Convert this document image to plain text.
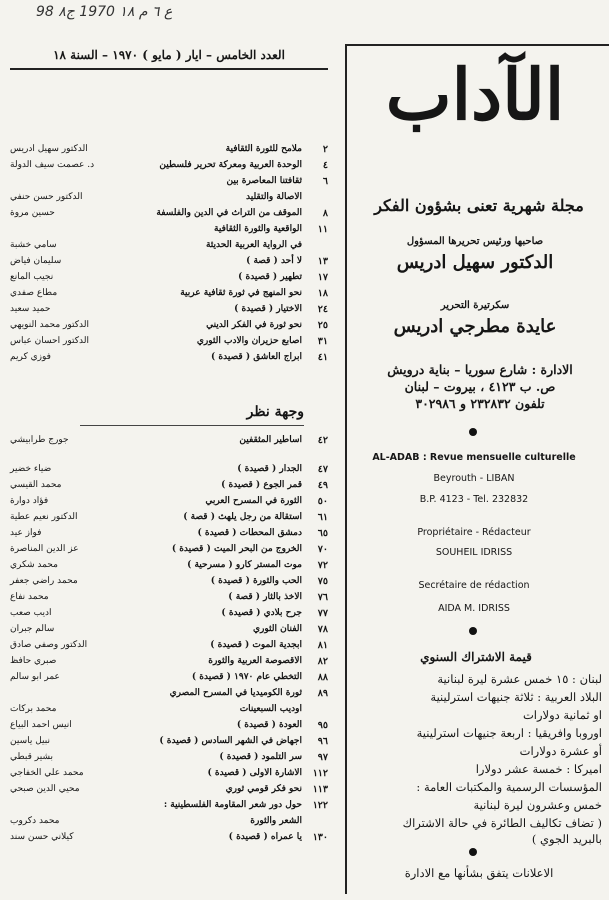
98 ع ٦ م ١٨ 1970 ج٨
العدد الخامس – ايار ( مايو ) ١٩٧٠ – السنة ١٨
٢
ملامح للثورة الثقافية
الدكتور سهيل ادريس
٤
الوحدة العربية ومعركة تحرير فلسطين
د. عصمت سيف الدولة
٦
ثقافتنا المعاصرة بين
الاصالة والتقليد
الدكتور حسن حنفي
٨
الموقف من التراث في الدين والفلسفة
حسين مروة
١١
الواقعية والثورة الثقافية
في الرواية العربية الحديثة
سامي خشبة
١٣
لا أحد ( قصة )
سليمان فياض
١٧
تطهير ( قصيدة )
نجيب المانع
١٨
نحو المنهج في ثورة ثقافية عربية
مطاع صفدي
٢٤
الاختيار ( قصيدة )
حميد سعيد
٢٥
نحو ثورة في الفكر الديني
الدكتور محمد النويهي
٣١
اصابع حزيران والادب الثوري
الدكتور احسان عباس
٤١
ابراج العاشق ( قصيدة )
فوزي كريم
٤٢
اساطير المثقفين
جورج طرابيشي
٤٧
الجدار ( قصيدة )
ضياء خضير
٤٩
قمر الجوع ( قصيدة )
محمد القيسي
٥٠
الثورة في المسرح العربي
فؤاد دوارة
٦١
استقالة من رجل يلهث ( قصة )
الدكتور نعيم عطية
٦٥
دمشق المحطات ( قصيدة )
فواز عيد
٧٠
الخروج من البحر الميت ( قصيدة )
عز الدين المناصرة
٧٢
موت المستر كارو ( مسرحية )
محمد شكري
٧٥
الحب والثورة ( قصيدة )
محمد راضي جعفر
٧٦
الاخذ بالثار ( قصة )
محمد نفاع
٧٧
جرح بلادي ( قصيدة )
اديب صعب
٧٨
الفنان الثوري
سالم جبران
٨١
ابجدية الموت ( قصيدة )
الدكتور وصفي صادق
٨٢
الاقصوصة العربية والثورة
صبري حافظ
٨٨
التخطي عام ١٩٧٠ ( قصيدة )
عمر ابو سالم
٨٩
ثورة الكوميديا في المسرح المصري
اوديب السبعينات
محمد بركات
٩٥
العودة ( قصيدة )
انيس احمد البياع
٩٦
اجهاض في الشهر السادس ( قصيدة )
نبيل ياسين
٩٧
سر التلمود ( قصيدة )
بشير قبطي
١١٢
الاشارة الاولى ( قصيدة )
محمد علي الخفاجي
١١٣
نحو فكر قومي ثوري
محيي الدين صبحي
١٢٢
حول دور شعر المقاومة الفلسطينية :
الشعر والثورة
محمد دكروب
١٣٠
يا عمراه ( قصيدة )
كيلاني حسن سند
وجهة نظر
الآداب
مجلة شهرية تعنى بشؤون الفكر
صاحبها ورئيس تحريرها المسؤول
الدكتور سهيل ادريس
سكرتيرة التحرير
عايدة مطرجي ادريس
الادارة : شارع سوريا – بناية درويش
ص. ب ٤١٢٣ ، بيروت – لبنان
تلفون ٢٣٢٨٣٢ و ٣٠٢٩٨٦
AL-ADAB : Revue mensuelle culturelle
Beyrouth - LIBAN
B.P. 4123 - Tel. 232832
Propriétaire - Rédacteur
SOUHEIL IDRISS
Secrétaire de rédaction
AIDA M. IDRISS
قيمة الاشتراك السنوي
لبنان : ١٥ خمس عشرة ليرة لبنانية
البلاد العربية : ثلاثة جنيهات استرلينية
او ثمانية دولارات
اوروبا وافريقيا : اربعة جنيهات استرلينية
أو عشرة دولارات
اميركا : خمسة عشر دولارا
المؤسسات الرسمية والمكتبات العامة :
خمس وعشرون ليرة لبنانية
( تضاف تكاليف الطائرة في حالة الاشتراك
بالبريد الجوي )
الاعلانات يتفق بشأنها مع الادارة
